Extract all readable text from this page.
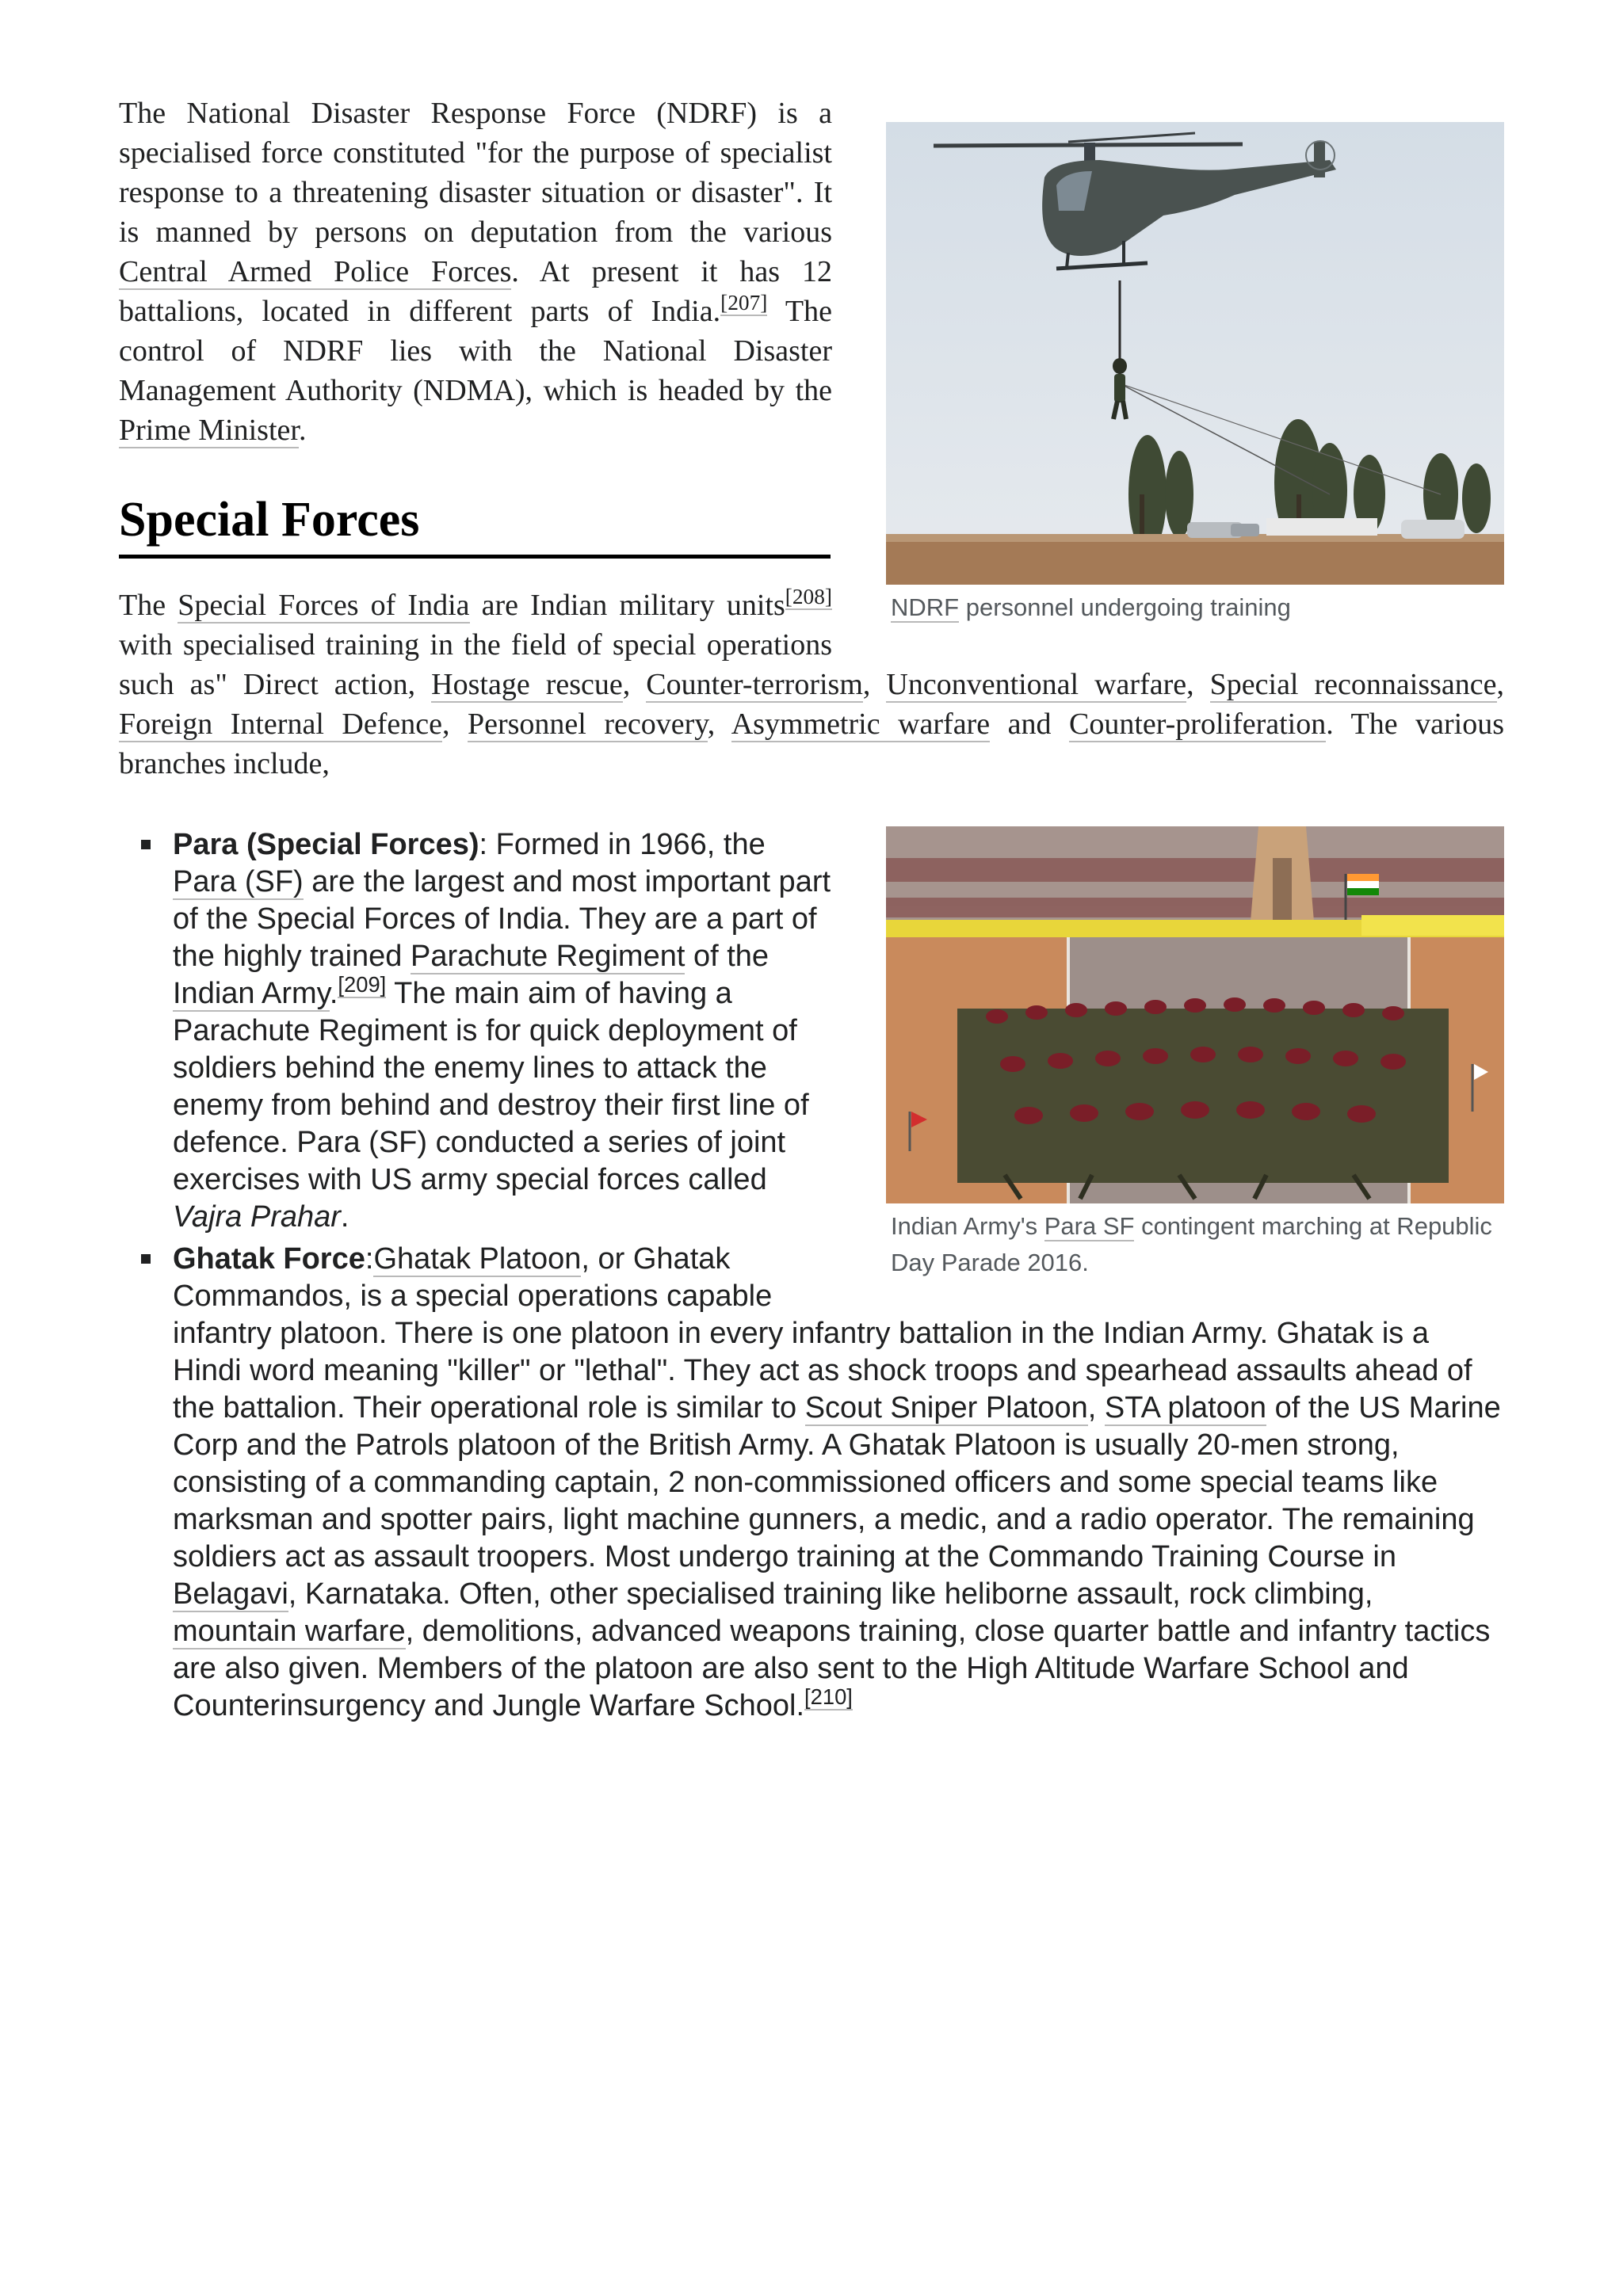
NDRF personnel undergoing training

The National Disaster Response Force (NDRF) is a specialised force constituted "for the purpose of specialist response to a threatening disaster situation or disaster". It is manned by persons on deputation from the various Central Armed Police Forces. At present it has 12 battalions, located in different parts of India.[207] The control of NDRF lies with the National Disaster Management Authority (NDMA), which is headed by the Prime Minister.

Special Forces

The Special Forces of India are Indian military units[208] with specialised training in the field of special operations such as" Direct action, Hostage rescue, Counter-terrorism, Unconventional warfare, Special reconnaissance, Foreign Internal Defence, Personnel recovery, Asymmetric warfare and Counter-proliferation. The various branches include,

Indian Army's Para SF contingent marching at Republic Day Parade 2016.
Para (Special Forces): Formed in 1966, the Para (SF) are the largest and most important part of the Special Forces of India. They are a part of the highly trained Parachute Regiment of the Indian Army.[209] The main aim of having a Parachute Regiment is for quick deployment of soldiers behind the enemy lines to attack the enemy from behind and destroy their first line of defence. Para (SF) conducted a series of joint exercises with US army special forces called Vajra Prahar.
Ghatak Force:Ghatak Platoon, or Ghatak Commandos, is a special operations capable infantry platoon. There is one platoon in every infantry battalion in the Indian Army. Ghatak is a Hindi word meaning "killer" or "lethal". They act as shock troops and spearhead assaults ahead of the battalion. Their operational role is similar to Scout Sniper Platoon, STA platoon of the US Marine Corp and the Patrols platoon of the British Army. A Ghatak Platoon is usually 20-men strong, consisting of a commanding captain, 2 non-commissioned officers and some special teams like marksman and spotter pairs, light machine gunners, a medic, and a radio operator. The remaining soldiers act as assault troopers. Most undergo training at the Commando Training Course in Belagavi, Karnataka. Often, other specialised training like heliborne assault, rock climbing, mountain warfare, demolitions, advanced weapons training, close quarter battle and infantry tactics are also given. Members of the platoon are also sent to the High Altitude Warfare School and Counterinsurgency and Jungle Warfare School.[210]
